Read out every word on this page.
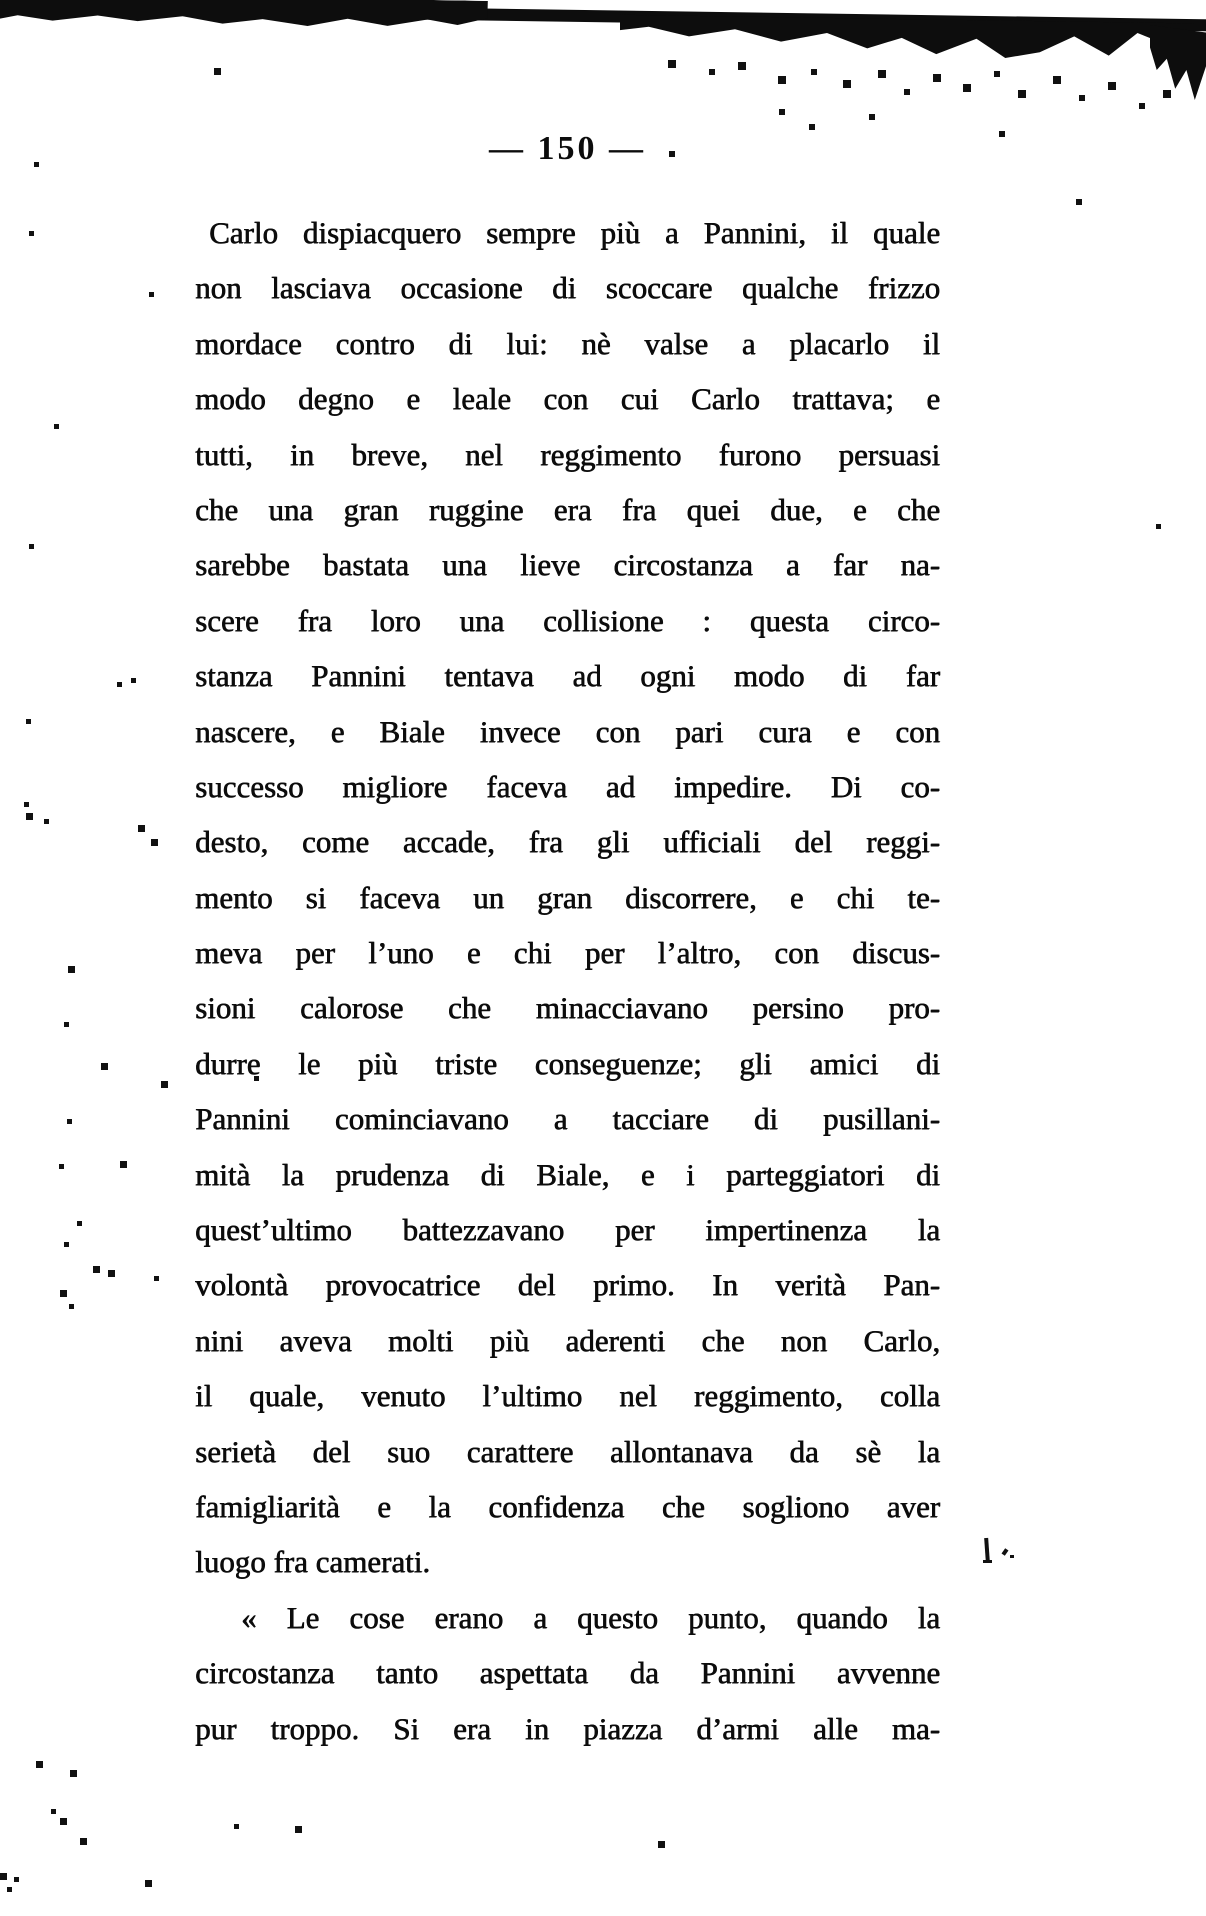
— 150 —
Carlo dispiacquero sempre più a Pannini, il quale
non lasciava occasione di scoccare qualche frizzo
mordace contro di lui: nè valse a placarlo il
modo degno e leale con cui Carlo trattava; e
tutti, in breve, nel reggimento furono persuasi
che una gran ruggine era fra quei due, e che
sarebbe bastata una lieve circostanza a far na-
scere fra loro una collisione : questa circo-
stanza Pannini tentava ad ogni modo di far
nascere, e Biale invece con pari cura e con
successo migliore faceva ad impedire. Di co-
desto, come accade, fra gli ufficiali del reggi-
mento si faceva un gran discorrere, e chi te-
meva per l’uno e chi per l’altro, con discus-
sioni calorose che minacciavano persino pro-
durre le più triste conseguenze; gli amici di
Pannini cominciavano a tacciare di pusillani-
mità la prudenza di Biale, e i parteggiatori di
quest’ultimo battezzavano per impertinenza la
volontà provocatrice del primo. In verità Pan-
nini aveva molti più aderenti che non Carlo,
il quale, venuto l’ultimo nel reggimento, colla
serietà del suo carattere allontanava da sè la
famigliarità e la confidenza che sogliono aver
luogo fra camerati.
« Le cose erano a questo punto, quando la
circostanza tanto aspettata da Pannini avvenne
pur troppo. Si era in piazza d’armi alle ma-
